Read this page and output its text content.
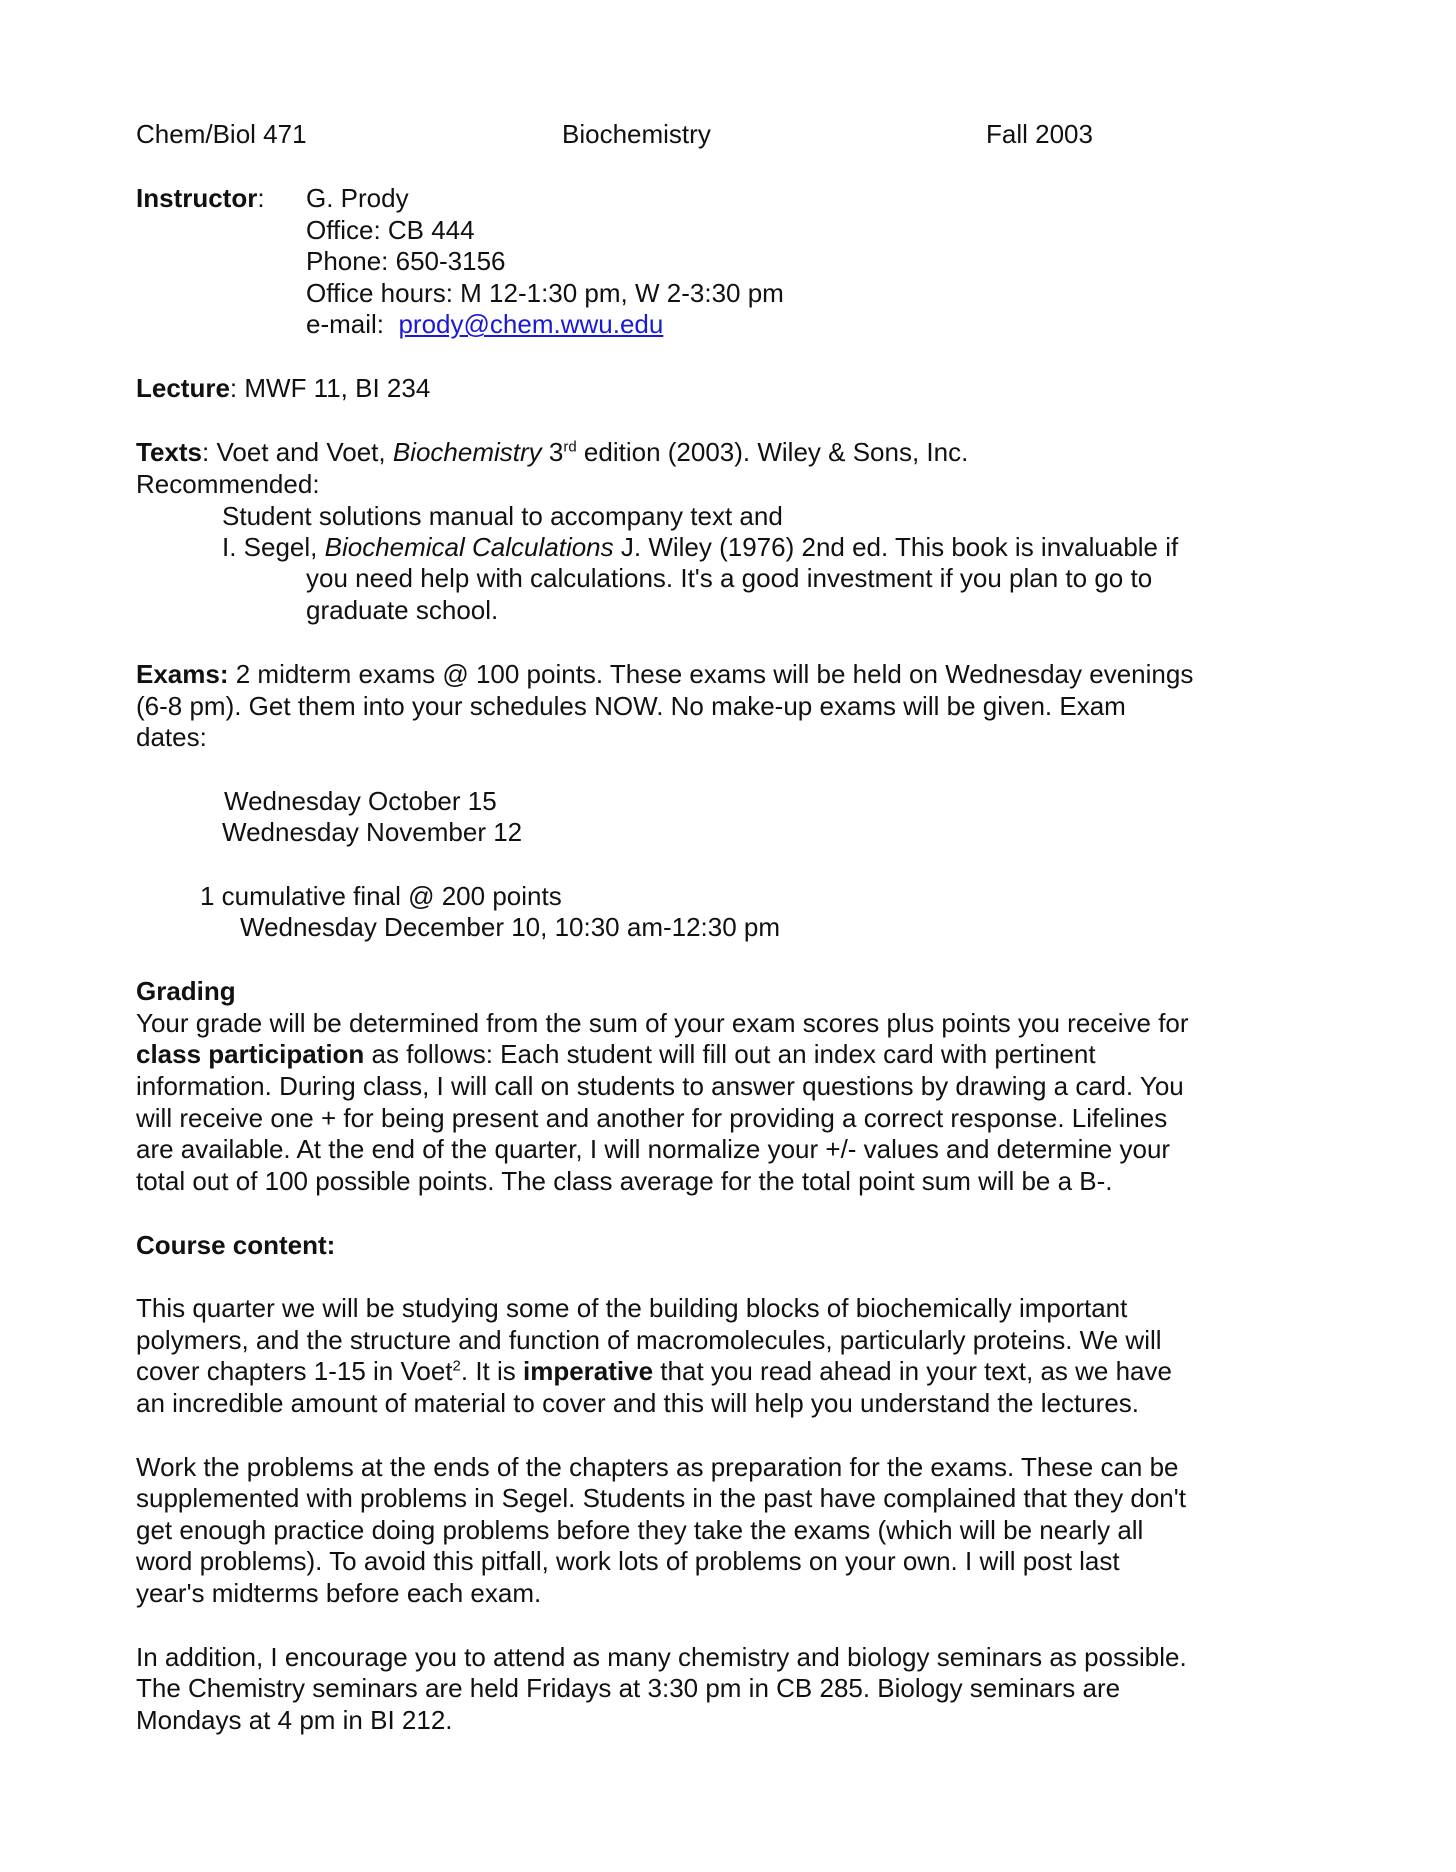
Chem/Biol 471	Biochemistry	Fall 2003
Instructor: G. Prody
Office: CB 444
Phone: 650-3156
Office hours: M 12-1:30 pm, W 2-3:30 pm
e-mail: prody@chem.wwu.edu
Lecture: MWF 11, BI 234
Texts: Voet and Voet, Biochemistry 3rd edition (2003). Wiley & Sons, Inc.
Recommended:
Student solutions manual to accompany text and
I. Segel, Biochemical Calculations J. Wiley (1976) 2nd ed. This book is invaluable if
you need help with calculations. It's a good investment if you plan to go to
graduate school.
Exams: 2 midterm exams @ 100 points. These exams will be held on Wednesday evenings
(6-8 pm). Get them into your schedules NOW. No make-up exams will be given. Exam
dates:
Wednesday October 15
Wednesday November 12
1 cumulative final @ 200 points
Wednesday December 10, 10:30 am-12:30 pm
Grading
Your grade will be determined from the sum of your exam scores plus points you receive for
class participation as follows: Each student will fill out an index card with pertinent
information. During class, I will call on students to answer questions by drawing a card. You
will receive one + for being present and another for providing a correct response. Lifelines
are available. At the end of the quarter, I will normalize your +/- values and determine your
total out of 100 possible points. The class average for the total point sum will be a B-.
Course content:
This quarter we will be studying some of the building blocks of biochemically important
polymers, and the structure and function of macromolecules, particularly proteins. We will
cover chapters 1-15 in Voet$^2$. It is imperative that you read ahead in your text, as we have
an incredible amount of material to cover and this will help you understand the lectures.
Work the problems at the ends of the chapters as preparation for the exams. These can be
supplemented with problems in Segel. Students in the past have complained that they don't
get enough practice doing problems before they take the exams (which will be nearly all
word problems). To avoid this pitfall, work lots of problems on your own. I will post last
year's midterms before each exam.
In addition, I encourage you to attend as many chemistry and biology seminars as possible.
The Chemistry seminars are held Fridays at 3:30 pm in CB 285. Biology seminars are
Mondays at 4 pm in BI 212.
